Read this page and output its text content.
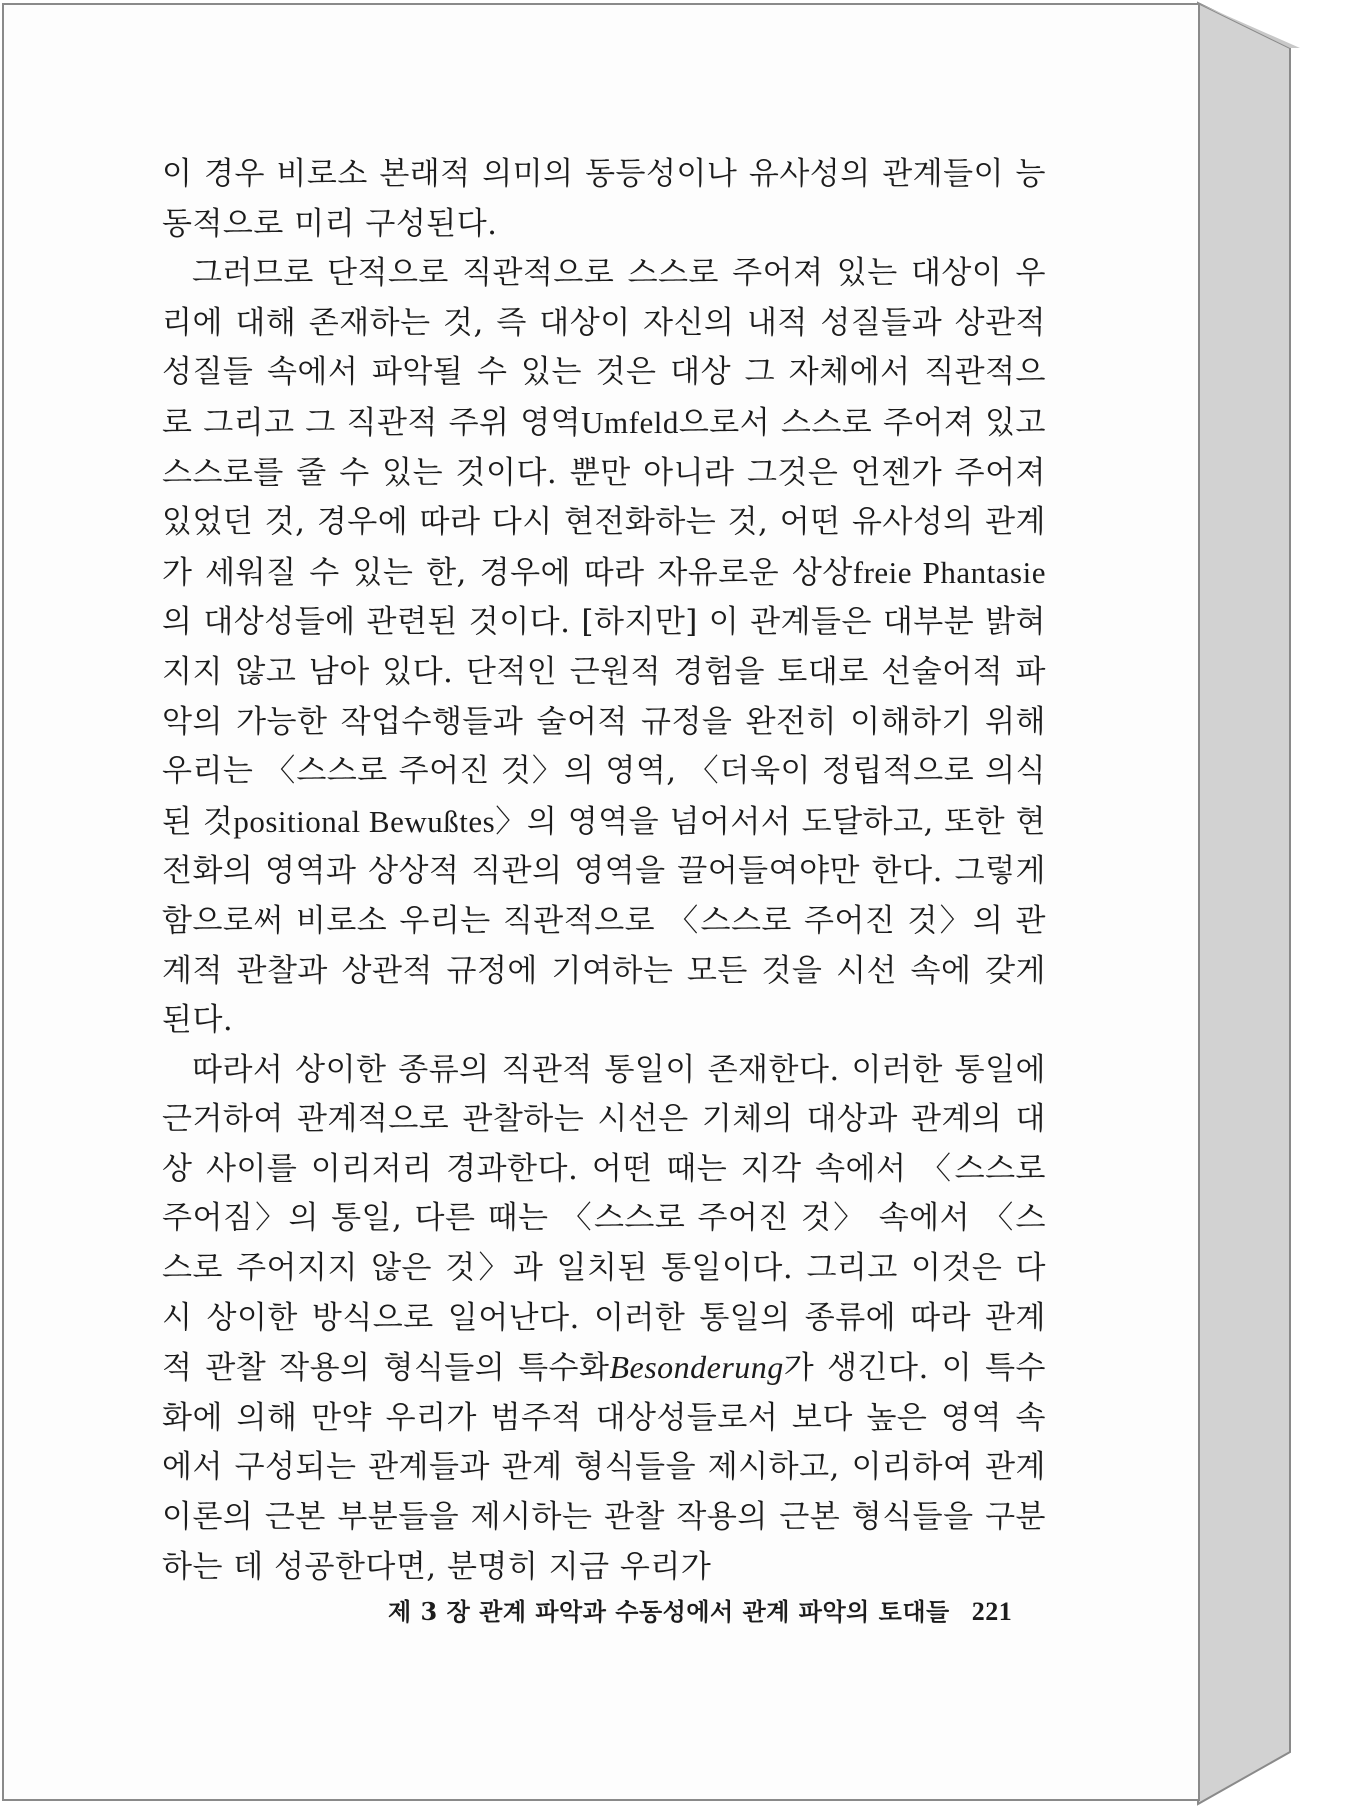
이 경우 비로소 본래적 의미의 동등성이나 유사성의 관계들이 능동적으로 미리 구성된다.

그러므로 단적으로 직관적으로 스스로 주어져 있는 대상이 우리에 대해 존재하는 것, 즉 대상이 자신의 내적 성질들과 상관적 성질들 속에서 파악될 수 있는 것은 대상 그 자체에서 직관적으로 그리고 그 직관적 주위 영역Umfeld으로서 스스로 주어져 있고 스스로를 줄 수 있는 것이다. 뿐만 아니라 그것은 언젠가 주어져 있었던 것, 경우에 따라 다시 현전화하는 것, 어떤 유사성의 관계가 세워질 수 있는 한, 경우에 따라 자유로운 상상freie Phantasie의 대상성들에 관련된 것이다. [하지만] 이 관계들은 대부분 밝혀지지 않고 남아 있다. 단적인 근원적 경험을 토대로 선술어적 파악의 가능한 작업수행들과 술어적 규정을 완전히 이해하기 위해 우리는 〈스스로 주어진 것〉의 영역, 〈더욱이 정립적으로 의식된 것positional Bewußtes〉의 영역을 넘어서서 도달하고, 또한 현전화의 영역과 상상적 직관의 영역을 끌어들여야만 한다. 그렇게 함으로써 비로소 우리는 직관적으로 〈스스로 주어진 것〉의 관계적 관찰과 상관적 규정에 기여하는 모든 것을 시선 속에 갖게 된다.

따라서 상이한 종류의 직관적 통일이 존재한다. 이러한 통일에 근거하여 관계적으로 관찰하는 시선은 기체의 대상과 관계의 대상 사이를 이리저리 경과한다. 어떤 때는 지각 속에서 〈스스로 주어짐〉의 통일, 다른 때는 〈스스로 주어진 것〉 속에서 〈스스로 주어지지 않은 것〉과 일치된 통일이다. 그리고 이것은 다시 상이한 방식으로 일어난다. 이러한 통일의 종류에 따라 관계적 관찰 작용의 형식들의 특수화Besonderung가 생긴다. 이 특수화에 의해 만약 우리가 범주적 대상성들로서 보다 높은 영역 속에서 구성되는 관계들과 관계 형식들을 제시하고, 이리하여 관계 이론의 근본 부분들을 제시하는 관찰 작용의 근본 형식들을 구분하는 데 성공한다면, 분명히 지금 우리가

제 3 장 관계 파악과 수동성에서 관계 파악의 토대들 221
